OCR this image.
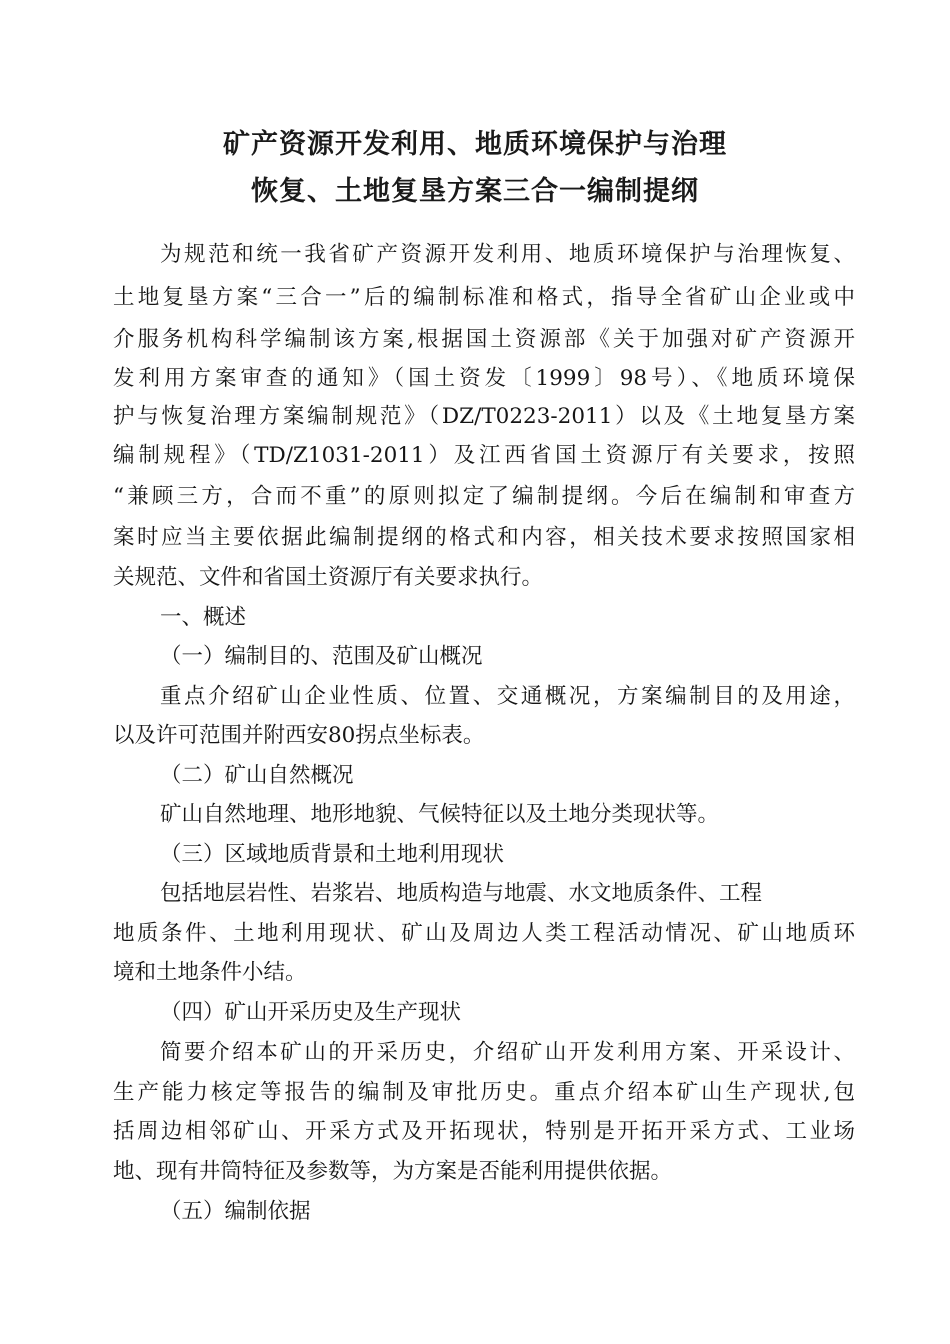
矿产资源开发利用、地质环境保护与治理
恢复、土地复垦方案三合一编制提纲
为规范和统一我省矿产资源开发利用、地质环境保护与治理恢复、
土地复垦方案“三合一”后的编制标准和格式，指导全省矿山企业或中
介服务机构科学编制该方案,根据国土资源部《关于加强对矿产资源开
发利用方案审查的通知》（国土资发〔1999〕98号）、《地质环境保
护与恢复治理方案编制规范》（DZ/T0223-2011）以及《土地复垦方案
编制规程》（TD/Z1031-2011）及江西省国土资源厅有关要求，按照
“兼顾三方，合而不重”的原则拟定了编制提纲。今后在编制和审查方
案时应当主要依据此编制提纲的格式和内容，相关技术要求按照国家相
关规范、文件和省国土资源厅有关要求执行。
一、概述
（一）编制目的、范围及矿山概况
重点介绍矿山企业性质、位置、交通概况，方案编制目的及用途，
以及许可范围并附西安80拐点坐标表。
（二）矿山自然概况
矿山自然地理、地形地貌、气候特征以及土地分类现状等。
（三）区域地质背景和土地利用现状
包括地层岩性、岩浆岩、地质构造与地震、水文地质条件、工程
地质条件、土地利用现状、矿山及周边人类工程活动情况、矿山地质环
境和土地条件小结。
（四）矿山开采历史及生产现状
简要介绍本矿山的开采历史，介绍矿山开发利用方案、开采设计、
生产能力核定等报告的编制及审批历史。重点介绍本矿山生产现状,包
括周边相邻矿山、开采方式及开拓现状，特别是开拓开采方式、工业场
地、现有井筒特征及参数等，为方案是否能利用提供依据。
（五）编制依据
